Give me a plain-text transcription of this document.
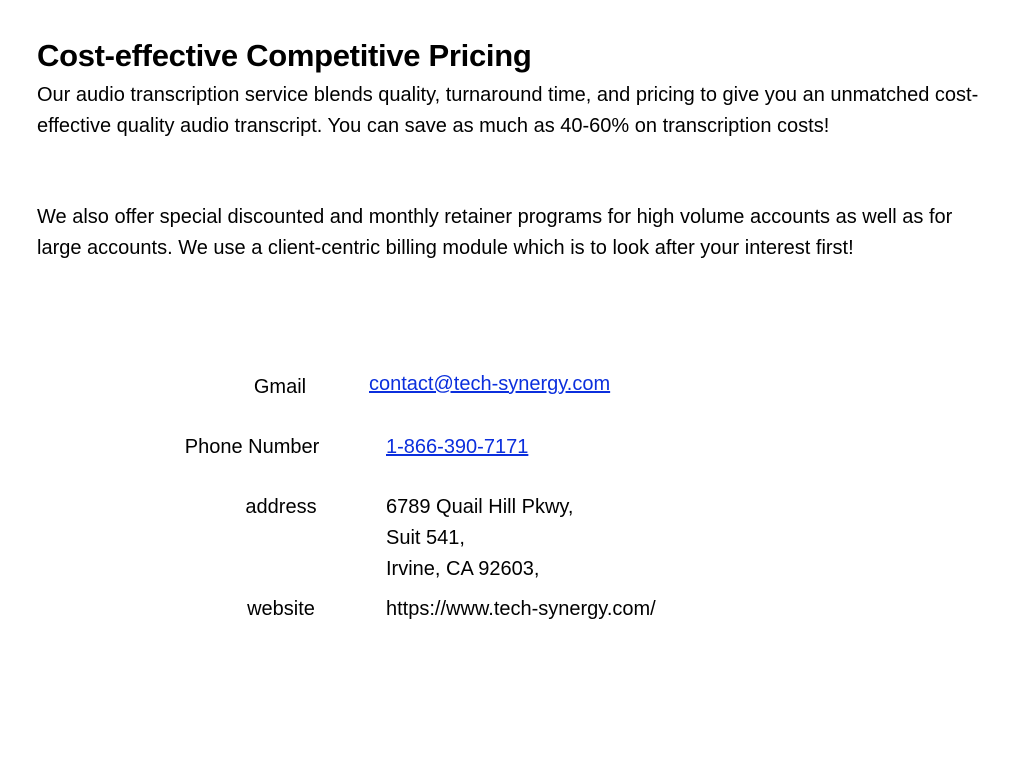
Cost-effective Competitive Pricing

Our audio transcription service blends quality, turnaround time, and pricing to give you an unmatched cost-effective quality audio transcript. You can save as much as 40-60% on transcription costs!

We also offer special discounted and monthly retainer programs for high volume accounts as well as for large accounts. We use a client-centric billing module which is to look after your interest first!

Gmail	contact@tech-synergy.com
Phone Number	1-866-390-7171
address	6789 Quail Hill Pkwy,
Suit 541,
Irvine, CA 92603,
website	https://www.tech-synergy.com/
